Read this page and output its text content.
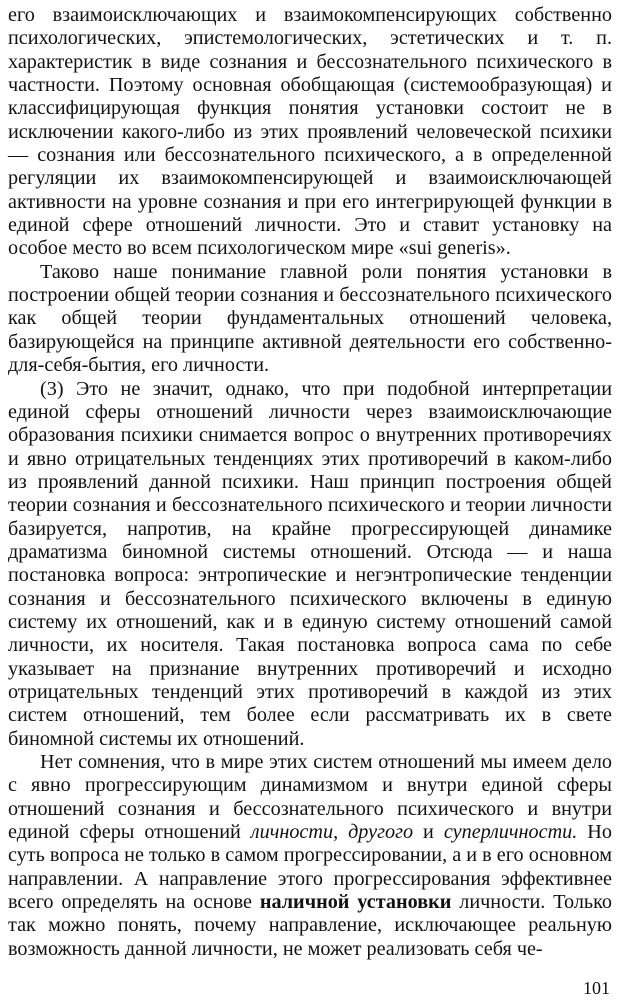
его взаимоисключающих и взаимокомпенсирующих собственно психологических, эпистемологических, эстетических и т. п. характеристик в виде сознания и бессознательного психического в частности. Поэтому основная обобщающая (системообразующая) и классифицирующая функция понятия установки состоит не в исключении какого-либо из этих проявлений человеческой психики — сознания или бессознательного психического, а в определенной регуляции их взаимокомпенсирующей и взаимоисключающей активности на уровне сознания и при его интегрирующей функции в единой сфере отношений личности. Это и ставит установку на особое место во всем психологическом мире «sui generis».

Таково наше понимание главной роли понятия установки в построении общей теории сознания и бессознательного психического как общей теории фундаментальных отношений человека, базирующейся на принципе активной деятельности его собственно-для-себя-бытия, его личности.

(3) Это не значит, однако, что при подобной интерпретации единой сферы отношений личности через взаимоисключающие образования психики снимается вопрос о внутренних противоречиях и явно отрицательных тенденциях этих противоречий в каком-либо из проявлений данной психики. Наш принцип построения общей теории сознания и бессознательного психического и теории личности базируется, напротив, на крайне прогрессирующей динамике драматизма биномной системы отношений. Отсюда — и наша постановка вопроса: энтропические и негэнтропические тенденции сознания и бессознательного психического включены в единую систему их отношений, как и в единую систему отношений самой личности, их носителя. Такая постановка вопроса сама по себе указывает на признание внутренних противоречий и исходно отрицательных тенденций этих противоречий в каждой из этих систем отношений, тем более если рассматривать их в свете биномной системы их отношений.

Нет сомнения, что в мире этих систем отношений мы имеем дело с явно прогрессирующим динамизмом и внутри единой сферы отношений сознания и бессознательного психического и внутри единой сферы отношений личности, другого и суперличности. Но суть вопроса не только в самом прогрессировании, а и в его основном направлении. А направление этого прогрессирования эффективнее всего определять на основе наличной установки личности. Только так можно понять, почему направление, исключающее реальную возможность данной личности, не может реализовать себя че-

101
